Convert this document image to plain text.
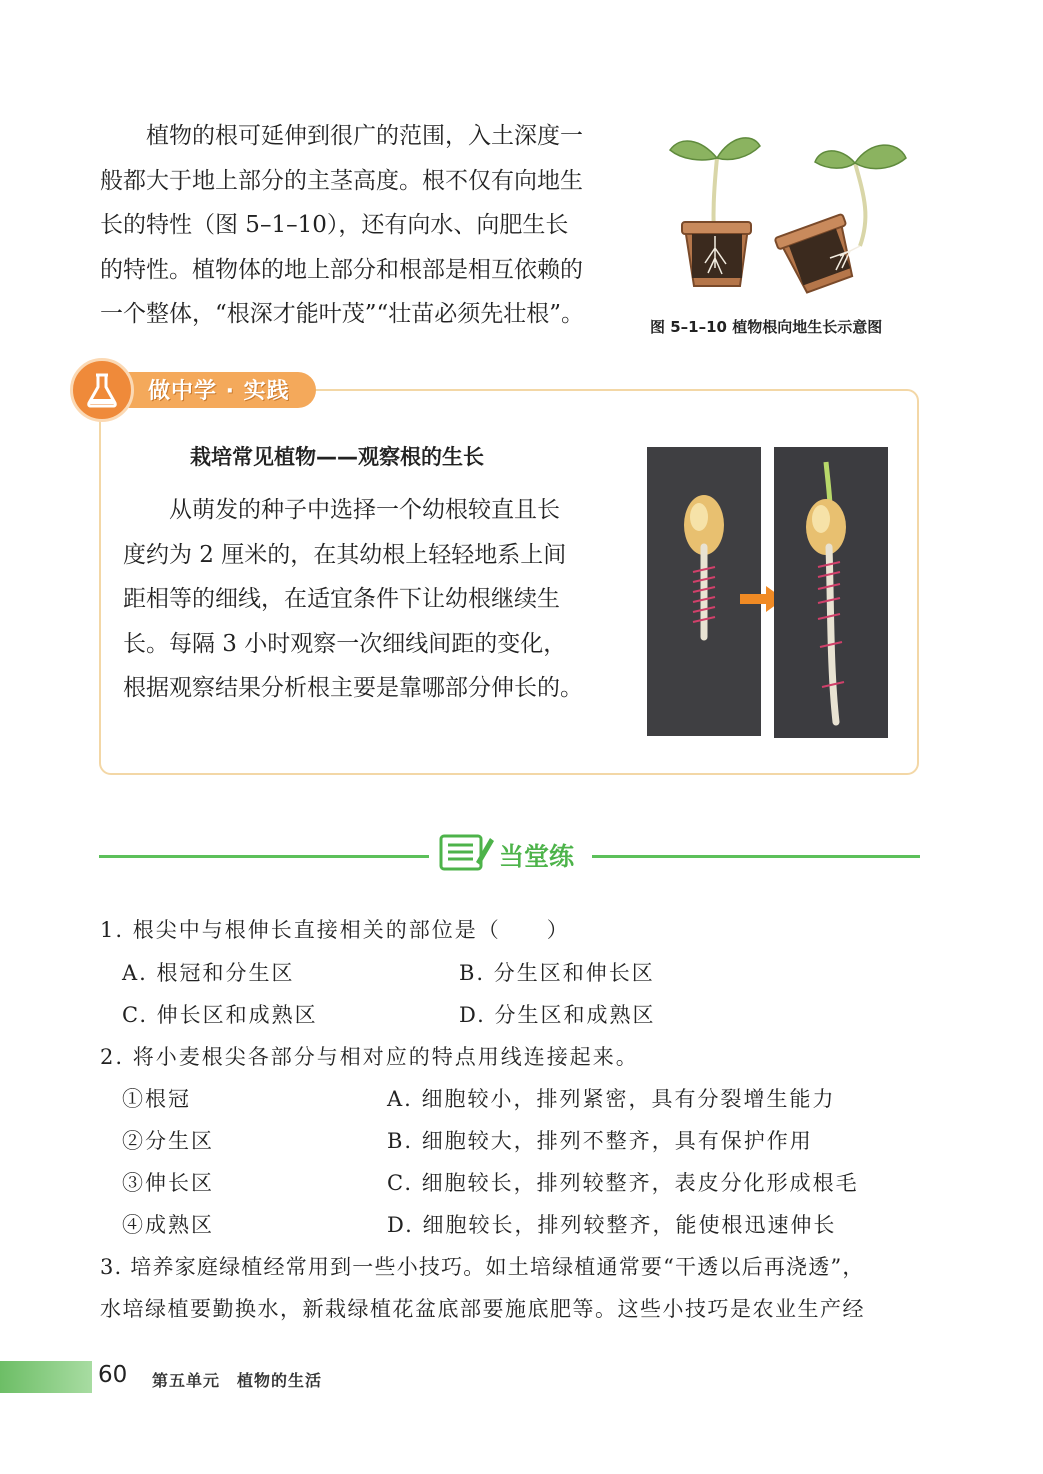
植物的根可延伸到很广的范围，入土深度一

般都大于地上部分的主茎高度。根不仅有向地生
长的特性（图 5–1–10），还有向水、向肥生长
的特性。植物体的地上部分和根部是相互依赖的
一个整体，“根深才能叶茂”“壮苗必须先壮根”。	图 5–1–10 植物根向地生长示意图
做中学 · 实践
栽培常见植物——观察根的生长

从萌发的种子中选择一个幼根较直且长

度约为 2 厘米的，在其幼根上轻轻地系上间
距相等的细线，在适宜条件下让幼根继续生
长。每隔 3 小时观察一次细线间距的变化，
根据观察结果分析根主要是靠哪部分伸长的。
当堂练
1. 根尖中与根伸长直接相关的部位是（　　）
A. 根冠和分生区	B. 分生区和伸长区
C. 伸长区和成熟区	D. 分生区和成熟区
2. 将小麦根尖各部分与相对应的特点用线连接起来。
①根冠	A. 细胞较小，排列紧密，具有分裂增生能力
②分生区	B. 细胞较大，排列不整齐，具有保护作用
③伸长区	C. 细胞较长，排列较整齐，表皮分化形成根毛
④成熟区	D. 细胞较长，排列较整齐，能使根迅速伸长
3. 培养家庭绿植经常用到一些小技巧。如土培绿植通常要“干透以后再浇透”，
水培绿植要勤换水，新栽绿植花盆底部要施底肥等。这些小技巧是农业生产经
60 第五单元　植物的生活
